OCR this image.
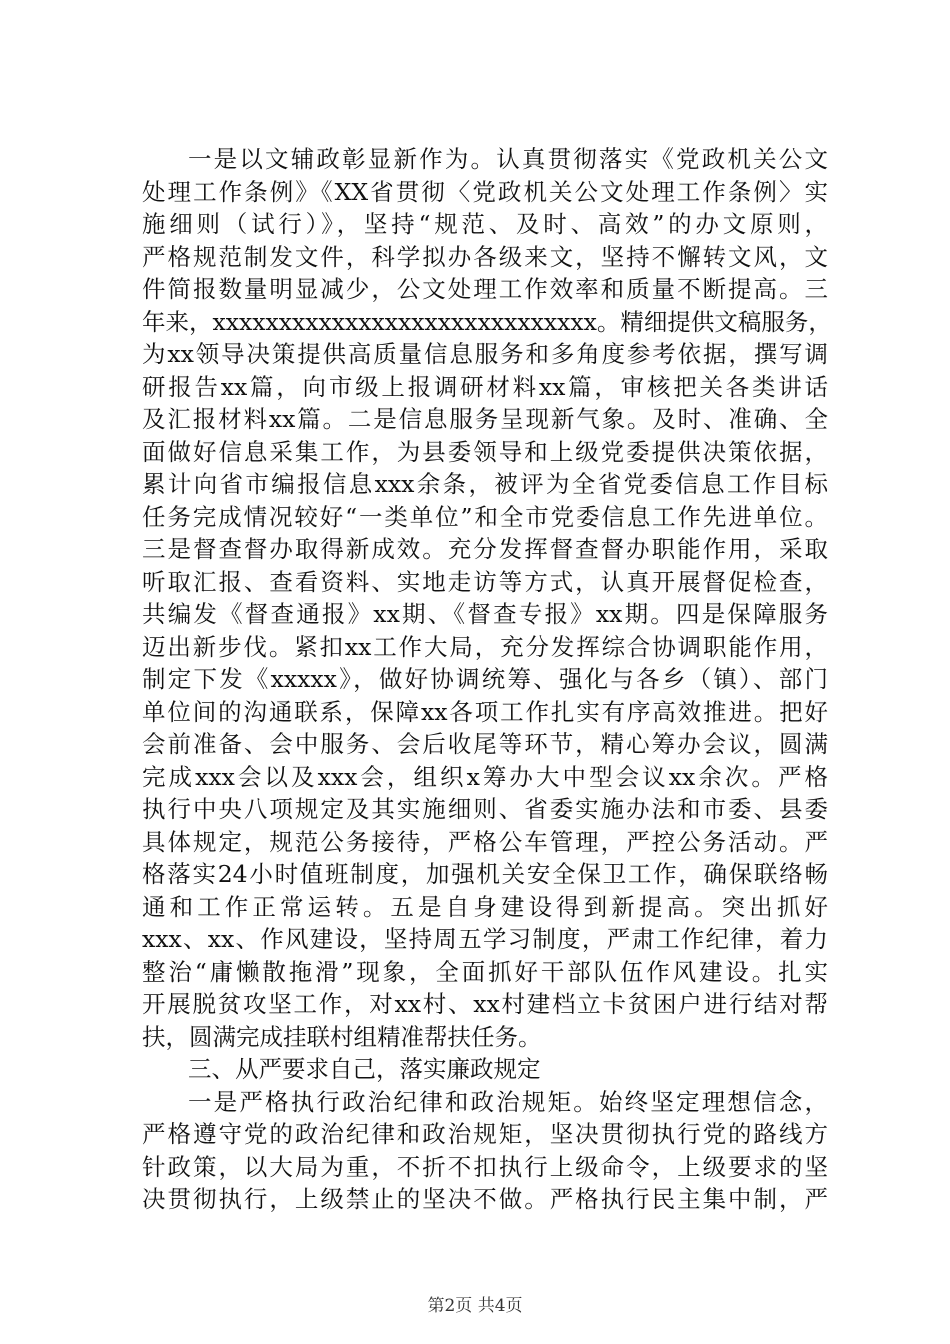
一是以文辅政彰显新作为。认真贯彻落实《党政机关公文
处理工作条例》《XX省贯彻〈党政机关公文处理工作条例〉实
施细则（试行）》，坚持“规范、及时、高效”的办文原则，
严格规范制发文件，科学拟办各级来文，坚持不懈转文风，文
件简报数量明显减少，公文处理工作效率和质量不断提高。三
年来，xxxxxxxxxxxxxxxxxxxxxxxxxxxxx。精细提供文稿服务，
为xx领导决策提供高质量信息服务和多角度参考依据，撰写调
研报告xx篇，向市级上报调研材料xx篇，审核把关各类讲话
及汇报材料xx篇。二是信息服务呈现新气象。及时、准确、全
面做好信息采集工作，为县委领导和上级党委提供决策依据，
累计向省市编报信息xxx余条，被评为全省党委信息工作目标
任务完成情况较好“一类单位”和全市党委信息工作先进单位。
三是督查督办取得新成效。充分发挥督查督办职能作用，采取
听取汇报、查看资料、实地走访等方式，认真开展督促检查，
共编发《督查通报》xx期、《督查专报》xx期。四是保障服务
迈出新步伐。紧扣xx工作大局，充分发挥综合协调职能作用，
制定下发《xxxxx》，做好协调统筹、强化与各乡（镇）、部门
单位间的沟通联系，保障xx各项工作扎实有序高效推进。把好
会前准备、会中服务、会后收尾等环节，精心筹办会议，圆满
完成xxx会以及xxx会，组织x筹办大中型会议xx余次。严格
执行中央八项规定及其实施细则、省委实施办法和市委、县委
具体规定，规范公务接待，严格公车管理，严控公务活动。严
格落实24小时值班制度，加强机关安全保卫工作，确保联络畅
通和工作正常运转。五是自身建设得到新提高。突出抓好
xxx、xx、作风建设，坚持周五学习制度，严肃工作纪律，着力
整治“庸懒散拖滑”现象，全面抓好干部队伍作风建设。扎实
开展脱贫攻坚工作，对xx村、xx村建档立卡贫困户进行结对帮
扶，圆满完成挂联村组精准帮扶任务。
三、从严要求自己，落实廉政规定
一是严格执行政治纪律和政治规矩。始终坚定理想信念，
严格遵守党的政治纪律和政治规矩，坚决贯彻执行党的路线方
针政策，以大局为重，不折不扣执行上级命令，上级要求的坚
决贯彻执行，上级禁止的坚决不做。严格执行民主集中制，严
第2页 共4页
